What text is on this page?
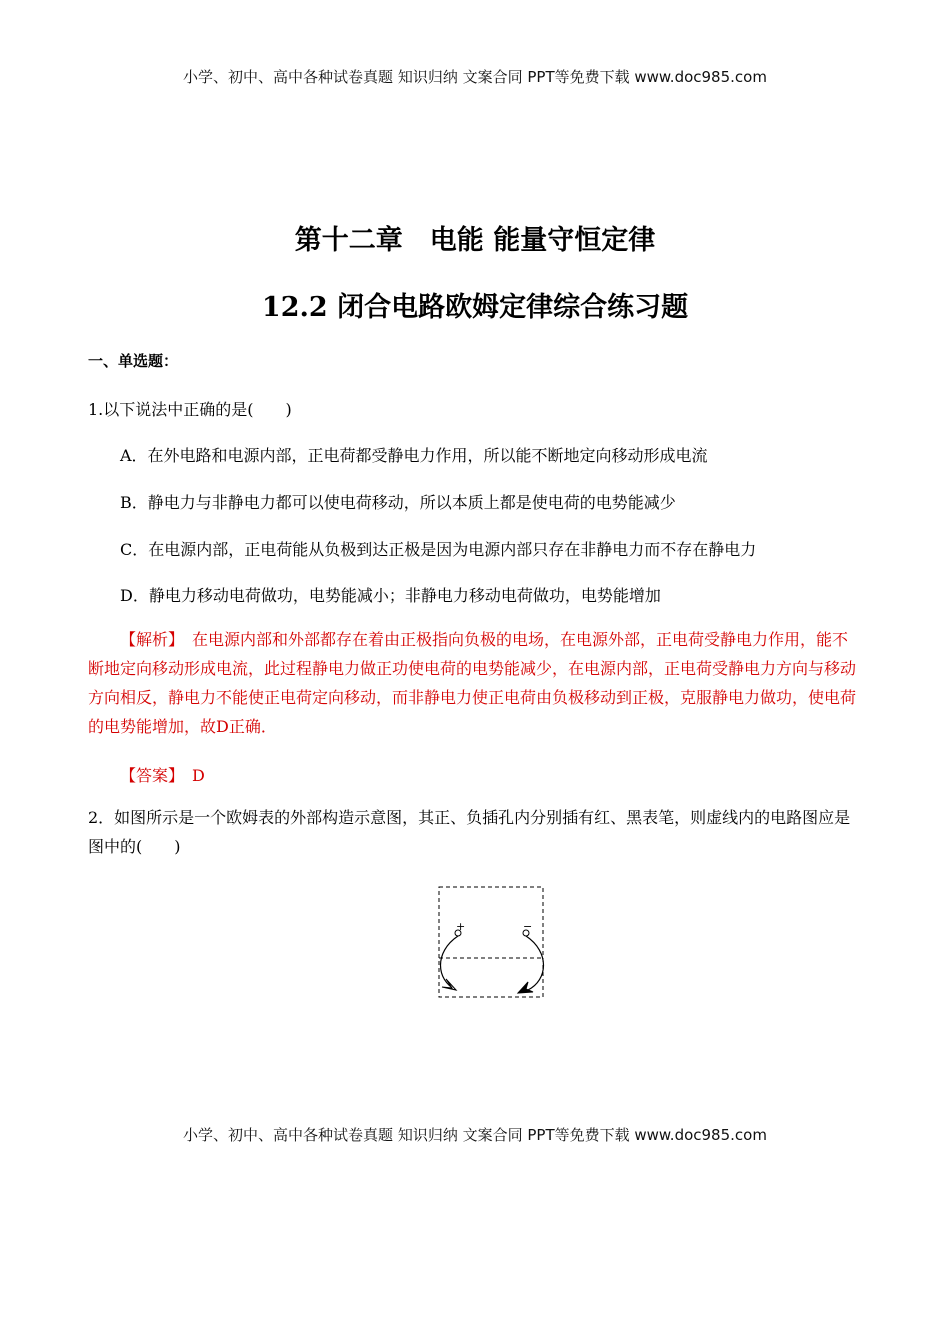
小学、初中、高中各种试卷真题 知识归纳 文案合同 PPT等免费下载 www.doc985.com
第十二章　电能 能量守恒定律
12.2 闭合电路欧姆定律综合练习题
一、单选题：
1.以下说法中正确的是(　　)
A．在外电路和电源内部，正电荷都受静电力作用，所以能不断地定向移动形成电流
B．静电力与非静电力都可以使电荷移动，所以本质上都是使电荷的电势能减少
C．在电源内部，正电荷能从负极到达正极是因为电源内部只存在非静电力而不存在静电力
D．静电力移动电荷做功，电势能减小；非静电力移动电荷做功，电势能增加
【解析】　在电源内部和外部都存在着由正极指向负极的电场，在电源外部，正电荷受静电力作用，能不断地定向移动形成电流，此过程静电力做正功使电荷的电势能减少，在电源内部，正电荷受静电力方向与移动方向相反，静电力不能使正电荷定向移动，而非静电力使正电荷由负极移动到正极，克服静电力做功，使电荷的电势能增加，故D正确．
【答案】　D
2．如图所示是一个欧姆表的外部构造示意图，其正、负插孔内分别插有红、黑表笔，则虚线内的电路图应是图中的(　　)
+	−
小学、初中、高中各种试卷真题 知识归纳 文案合同 PPT等免费下载 www.doc985.com
